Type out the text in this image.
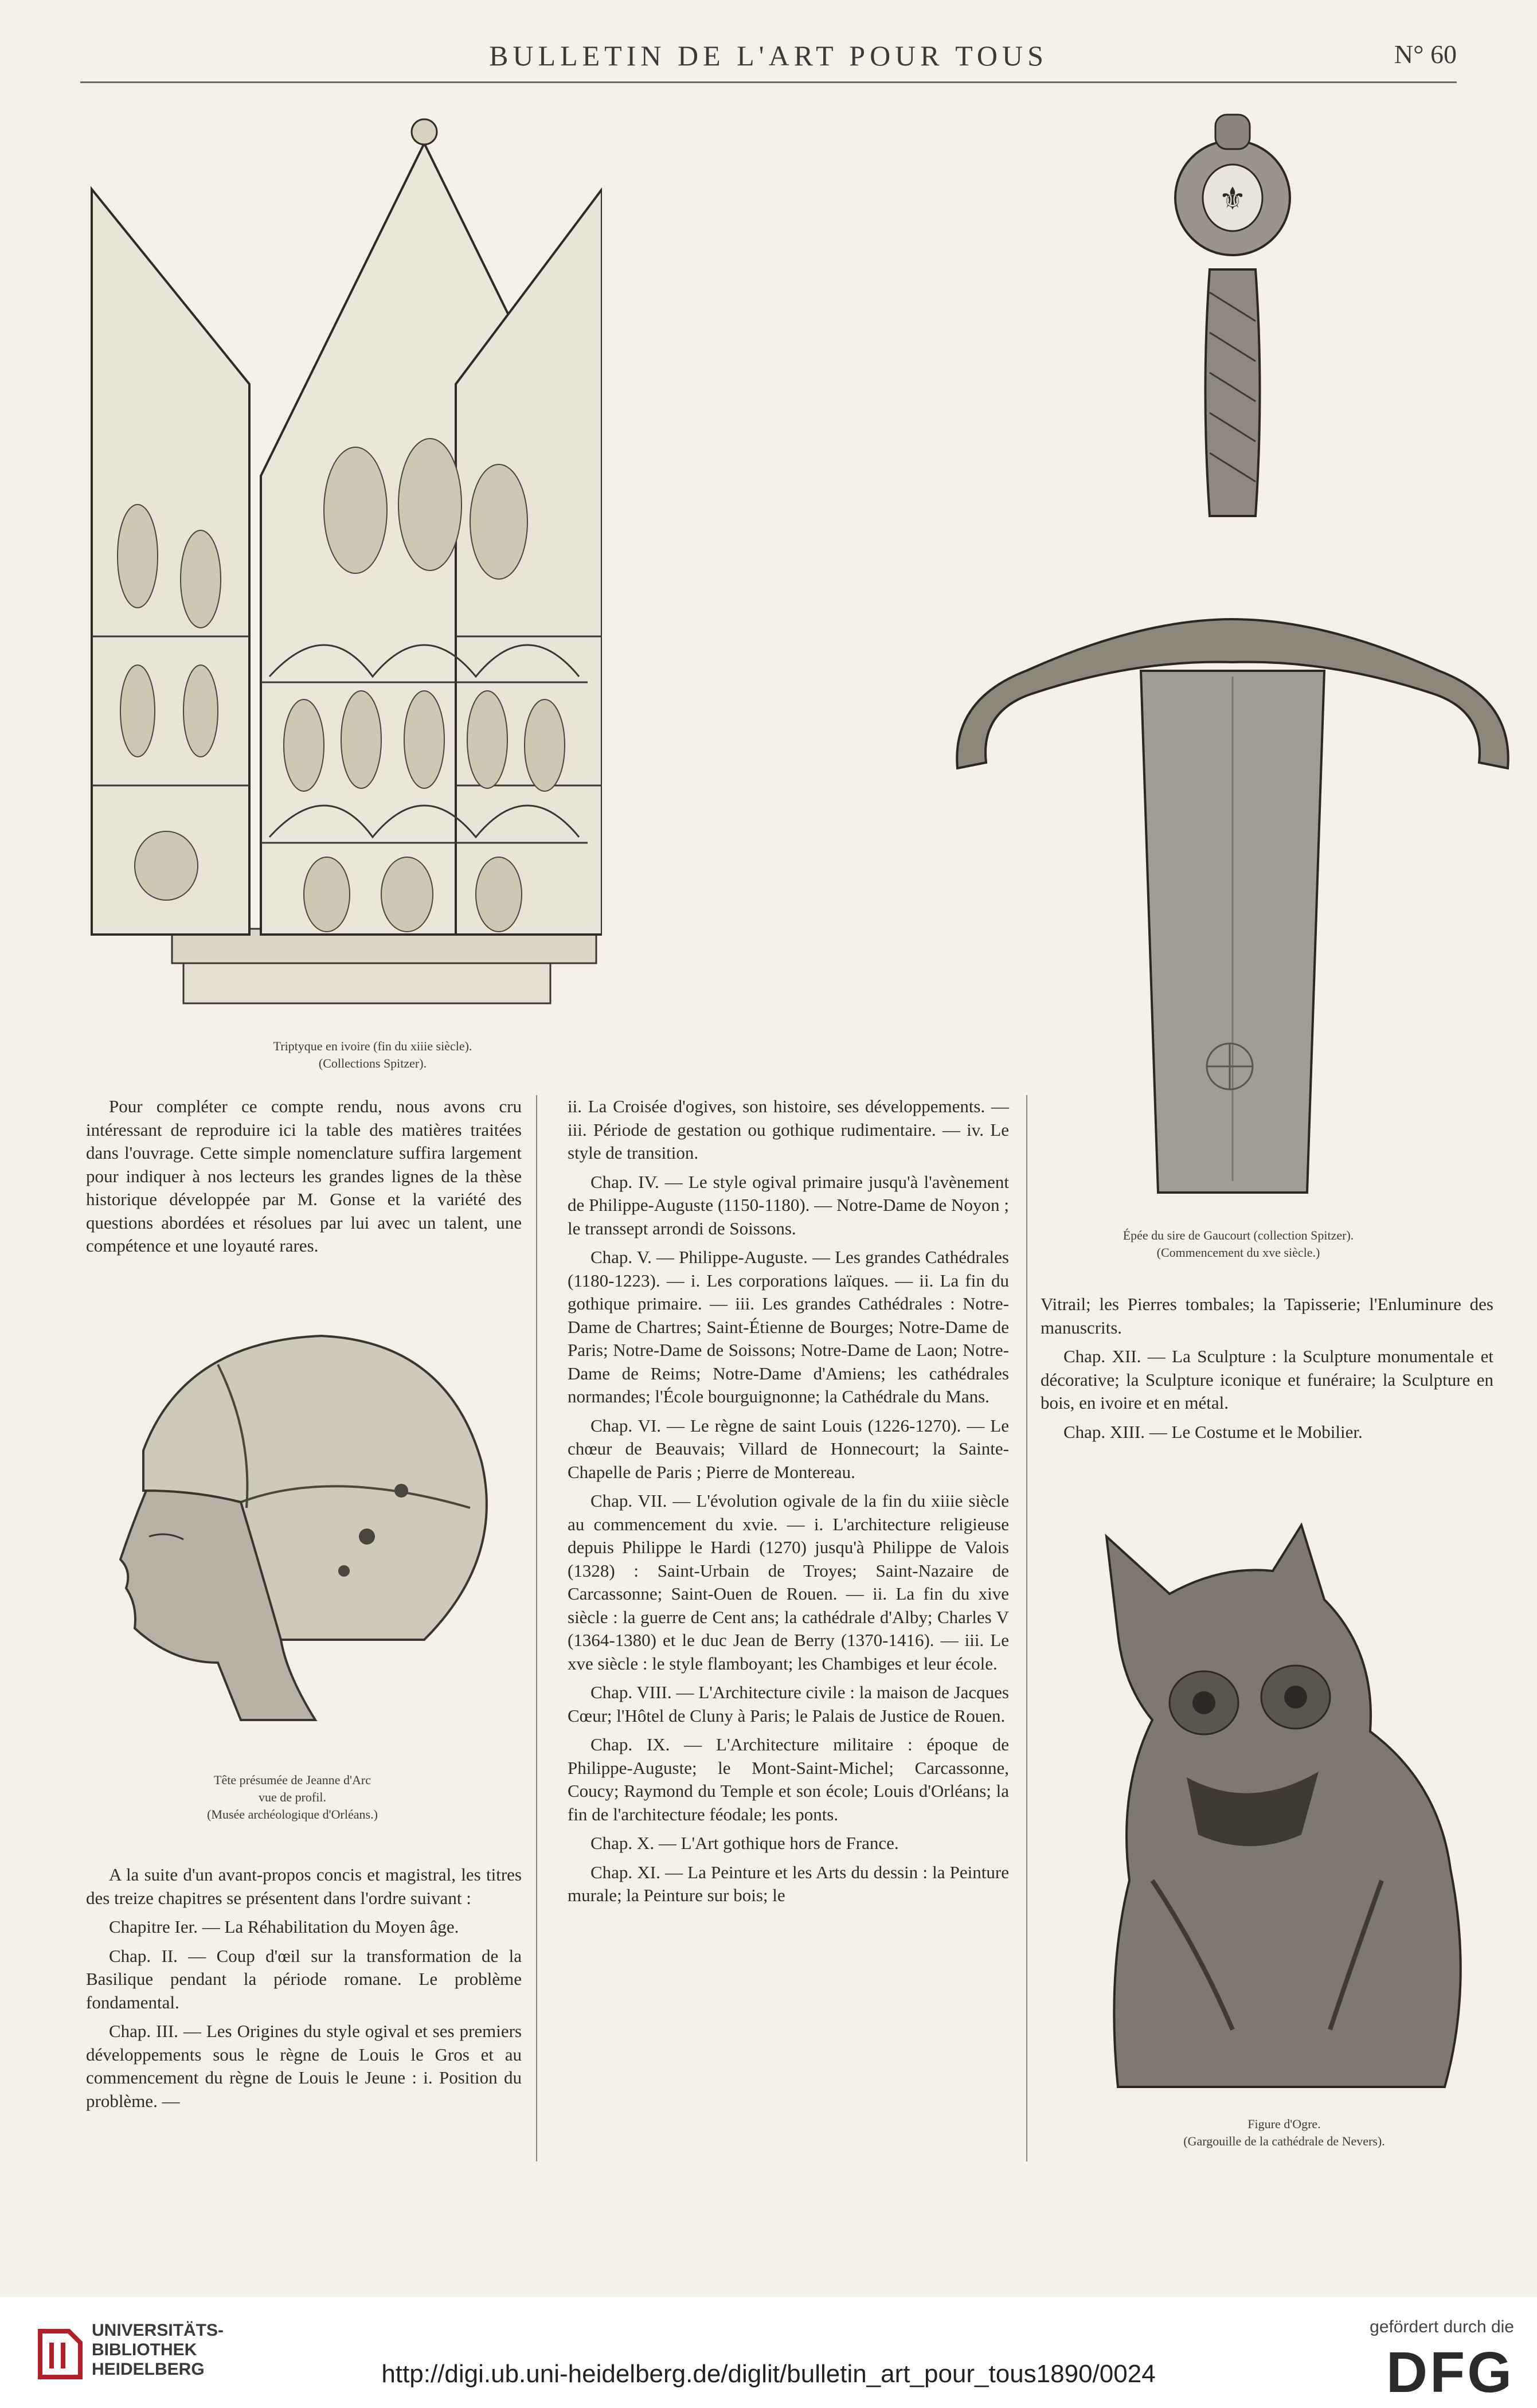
BULLETIN DE L'ART POUR TOUS	N° 60
Triptyque en ivoire (fin du xiiie siècle).
(Collections Spitzer).
⚜
Épée du sire de Gaucourt (collection Spitzer).
(Commencement du xve siècle.)

Pour compléter ce compte rendu, nous avons cru intéressant de reproduire ici la table des matières traitées dans l'ouvrage. Cette simple nomenclature suffira largement pour indiquer à nos lecteurs les grandes lignes de la thèse historique développée par M. Gonse et la variété des questions abordées et résolues par lui avec un talent, une compétence et une loyauté rares.

Tête présumée de Jeanne d'Arc
vue de profil.
(Musée archéologique d'Orléans.)

A la suite d'un avant-propos concis et magistral, les titres des treize chapitres se présentent dans l'ordre suivant :

Chapitre Ier. — La Réhabilitation du Moyen âge.

Chap. II. — Coup d'œil sur la transformation de la Basilique pendant la période romane. Le problème fondamental.

Chap. III. — Les Origines du style ogival et ses premiers développements sous le règne de Louis le Gros et au commencement du règne de Louis le Jeune : i. Position du problème. —

ii. La Croisée d'ogives, son histoire, ses développements. — iii. Période de gestation ou gothique rudimentaire. — iv. Le style de transition.

Chap. IV. — Le style ogival primaire jusqu'à l'avènement de Philippe-Auguste (1150-1180). — Notre-Dame de Noyon ; le transsept arrondi de Soissons.

Chap. V. — Philippe-Auguste. — Les grandes Cathédrales (1180-1223). — i. Les corporations laïques. — ii. La fin du gothique primaire. — iii. Les grandes Cathédrales : Notre-Dame de Chartres; Saint-Étienne de Bourges; Notre-Dame de Paris; Notre-Dame de Soissons; Notre-Dame de Laon; Notre-Dame de Reims; Notre-Dame d'Amiens; les cathédrales normandes; l'École bourguignonne; la Cathédrale du Mans.

Chap. VI. — Le règne de saint Louis (1226-1270). — Le chœur de Beauvais; Villard de Honnecourt; la Sainte-Chapelle de Paris ; Pierre de Montereau.

Chap. VII. — L'évolution ogivale de la fin du xiiie siècle au commencement du xvie. — i. L'architecture religieuse depuis Philippe le Hardi (1270) jusqu'à Philippe de Valois (1328) : Saint-Urbain de Troyes; Saint-Nazaire de Carcassonne; Saint-Ouen de Rouen. — ii. La fin du xive siècle : la guerre de Cent ans; la cathédrale d'Alby; Charles V (1364-1380) et le duc Jean de Berry (1370-1416). — iii. Le xve siècle : le style flamboyant; les Chambiges et leur école.

Chap. VIII. — L'Architecture civile : la maison de Jacques Cœur; l'Hôtel de Cluny à Paris; le Palais de Justice de Rouen.

Chap. IX. — L'Architecture militaire : époque de Philippe-Auguste; le Mont-Saint-Michel; Carcassonne, Coucy; Raymond du Temple et son école; Louis d'Orléans; la fin de l'architecture féodale; les ponts.

Chap. X. — L'Art gothique hors de France.

Chap. XI. — La Peinture et les Arts du dessin : la Peinture murale; la Peinture sur bois; le

Vitrail; les Pierres tombales; la Tapisserie; l'Enluminure des manuscrits.

Chap. XII. — La Sculpture : la Sculpture monumentale et décorative; la Sculpture iconique et funéraire; la Sculpture en bois, en ivoire et en métal.

Chap. XIII. — Le Costume et le Mobilier.

Figure d'Ogre.
(Gargouille de la cathédrale de Nevers).
UNIVERSITÄTS-
BIBLIOTHEK
HEIDELBERG	http://digi.ub.uni-heidelberg.de/diglit/bulletin_art_pour_tous1890/0024
gefördert durch die
DFG
